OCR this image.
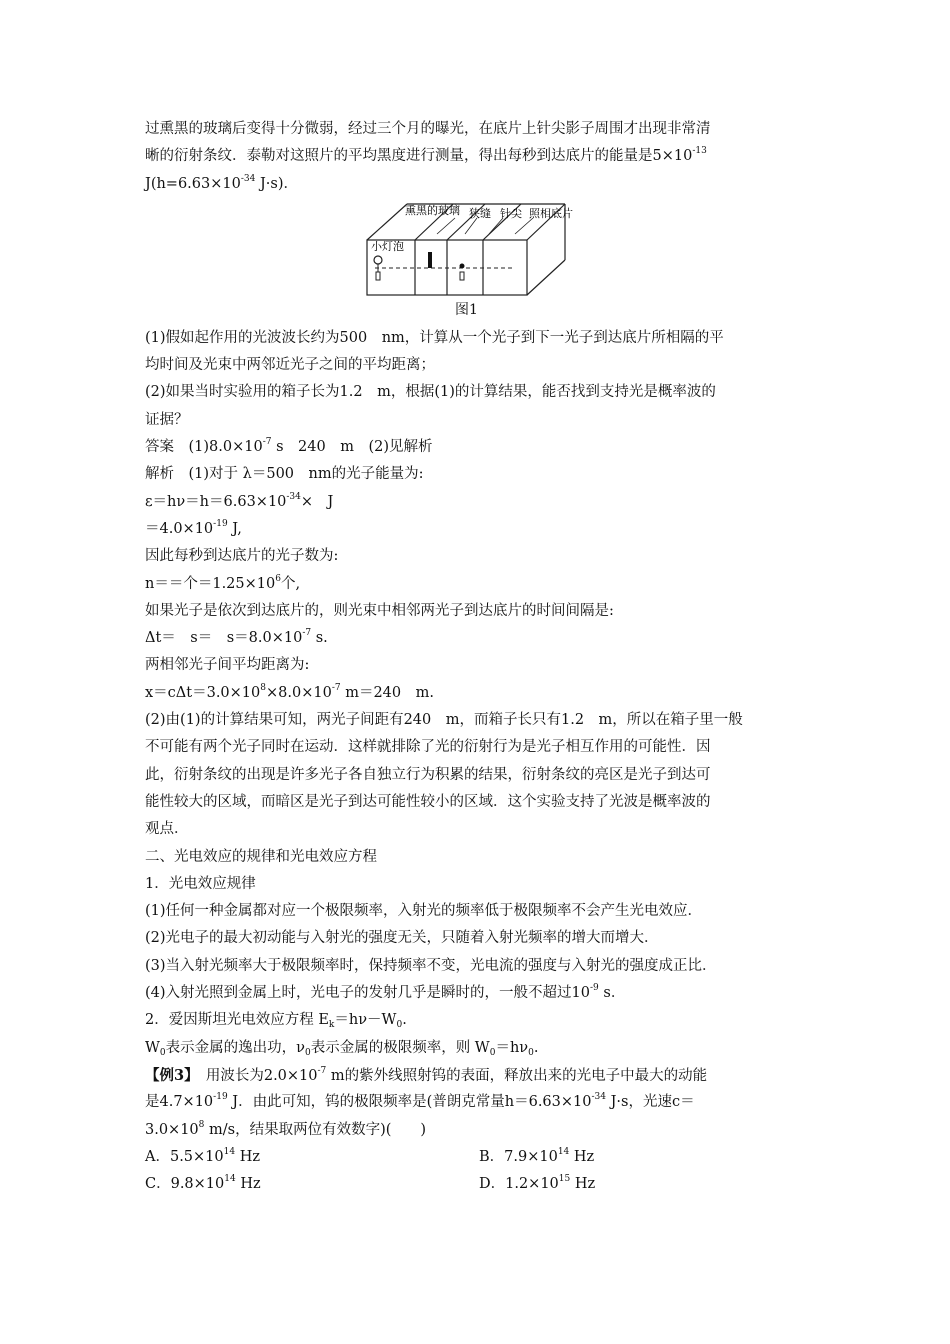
过熏黑的玻璃后变得十分微弱，经过三个月的曝光，在底片上针尖影子周围才出现非常清
晰的衍射条纹．泰勒对这照片的平均黑度进行测量，得出每秒到达底片的能量是$5\times 10^{-13}$
$J(h=6.63\times 10^{-34}$ J·s)．
熏黑的玻璃 狭缝 针尖 照相底片
小灯泡
图1
(1)假如起作用的光波波长约为500　nm，计算从一个光子到下一光子到达底片所相隔的平
均时间及光束中两邻近光子之间的平均距离；
(2)如果当时实验用的箱子长为1.2　m，根据(1)的计算结果，能否找到支持光是概率波的
证据？
答案　$(1)8.0\times 10^{-7}$ s　240　m　(2)见解析
解析　(1)对于 λ＝500　nm的光子能量为:
$\varepsilon=h\nu=h=6.63\times 10^{-34}\times$　J
$=4.0\times 10^{-19}$ J,
因此每秒到达底片的光子数为:
n＝＝个$=1.25\times 10^6$个,
如果光子是依次到达底片的，则光束中相邻两光子到达底片的时间间隔是:
Δt＝　s＝　$s=8.0\times 10^{-7}$ s.
两相邻光子间平均距离为:
$x=c\Delta t=3.0\times 10^8\times 8.0\times 10^{-7}$ m＝240　m.
(2)由(1)的计算结果可知，两光子间距有240　m，而箱子长只有1.2　m，所以在箱子里一般
不可能有两个光子同时在运动．这样就排除了光的衍射行为是光子相互作用的可能性．因
此，衍射条纹的出现是许多光子各自独立行为积累的结果，衍射条纹的亮区是光子到达可
能性较大的区域，而暗区是光子到达可能性较小的区域．这个实验支持了光波是概率波的
观点．
二、光电效应的规律和光电效应方程
1．光电效应规律
(1)任何一种金属都对应一个极限频率，入射光的频率低于极限频率不会产生光电效应．
(2)光电子的最大初动能与入射光的强度无关，只随着入射光频率的增大而增大．
(3)当入射光频率大于极限频率时，保持频率不变，光电流的强度与入射光的强度成正比．
(4)入射光照到金属上时，光电子的发射几乎是瞬时的，一般不超过$10^{-9}$ s．
2．爱因斯坦光电效应方程 $E_k=h\nu-W_0$.
$W_0$表示金属的逸出功，$\nu_0$表示金属的极限频率，则 $W_0=h\nu_0$.
【例3】　用波长为$2.0\times 10^{-7}$ m的紫外线照射钨的表面，释放出来的光电子中最大的动能
是$4.7\times 10^{-19}$ J．由此可知，钨的极限频率是(普朗克常量$h=6.63\times 10^{-34}$ J·s，光速c＝
$3.0\times 10^8$ m/s，结果取两位有效数字)(　　)
A．$5.5\times 10^{14}$ Hz	B．$7.9\times 10^{14}$ Hz
C．$9.8\times 10^{14}$ Hz	D．$1.2\times 10^{15}$ Hz
